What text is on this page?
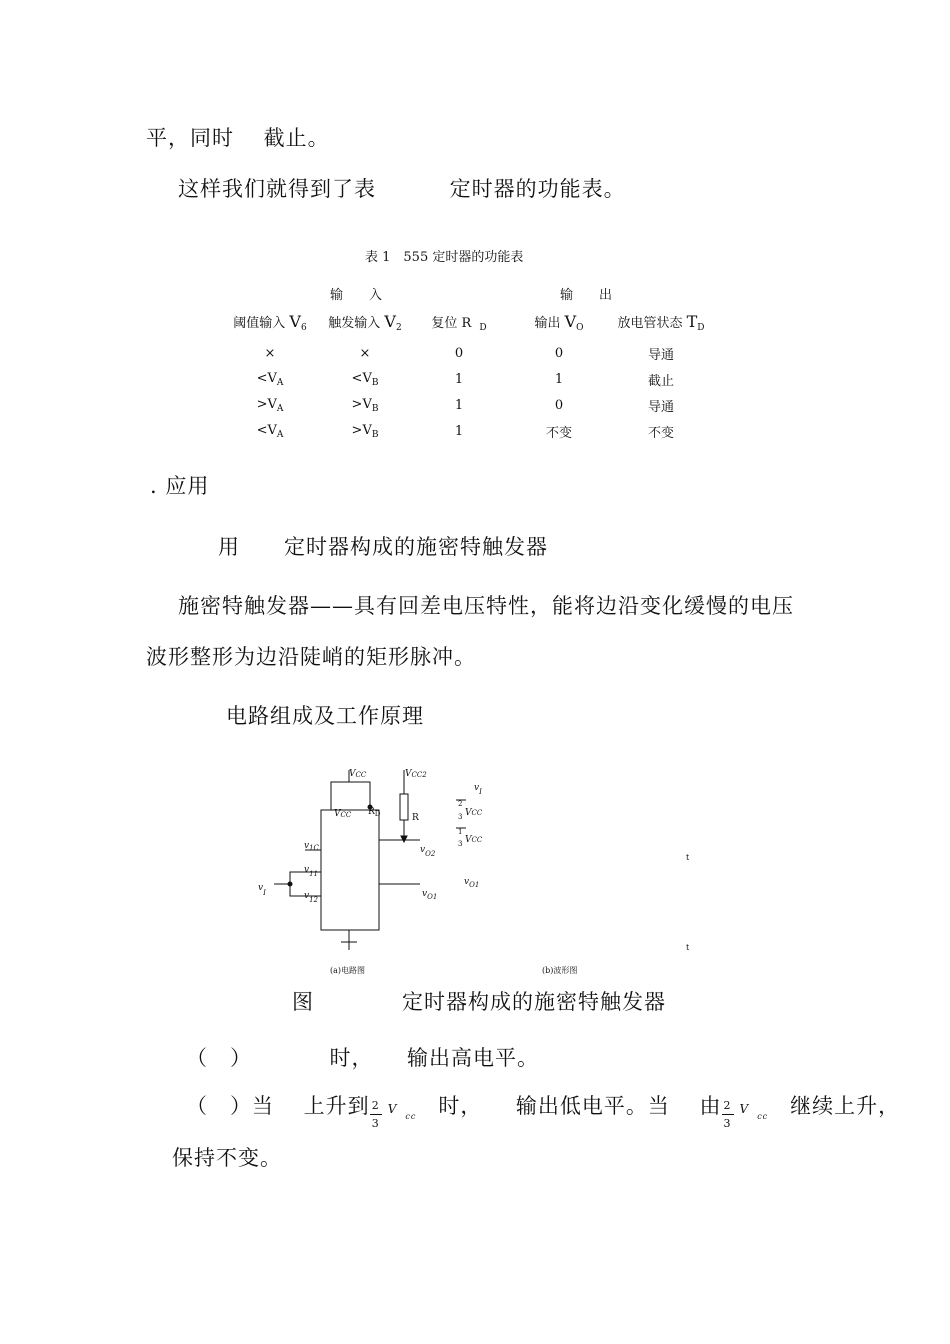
平，同时　 截止。
这样我们就得到了表　　　 定时器的功能表。
表 1　555 定时器的功能表
输　　入			输　　出	
阈值输入 $V_6$	触发输入 $V_2$	复位 R $_D$	输出 $V_O$	放电管状态 $T_D$
×	×	0	0	导通
$<V_A$	$<V_B$	1	1	截止
$>V_A$	$>V_B$	1	0	导通
$<V_A$	$>V_B$	1	不变	不变
. 应用
用　　定时器构成的施密特触发器
施密特触发器——具有回差电压特性，能将边沿变化缓慢的电压
波形整形为边沿陡峭的矩形脉冲。
电路组成及工作原理
VCC	VCC2
VCC $R_D$	R
$v_{1C}$
$v_{11}$
$v_{12}$
$v_I$
$v_{O2}$
$v_{O1}$
$v_I$
2
3 VCC
1
3 VCC
$v_{O1}$
t
t
(a)电路图	(b)波形图
图　　　　定时器构成的施密特触发器
（　）　　　　时，　　输出高电平。
（　）当　 上升到 $\frac{2}{3} V_{cc}$　 时，　　输出低电平。当　 由 $\frac{2}{3} V_{cc}$　 继续上升，
保持不变。
